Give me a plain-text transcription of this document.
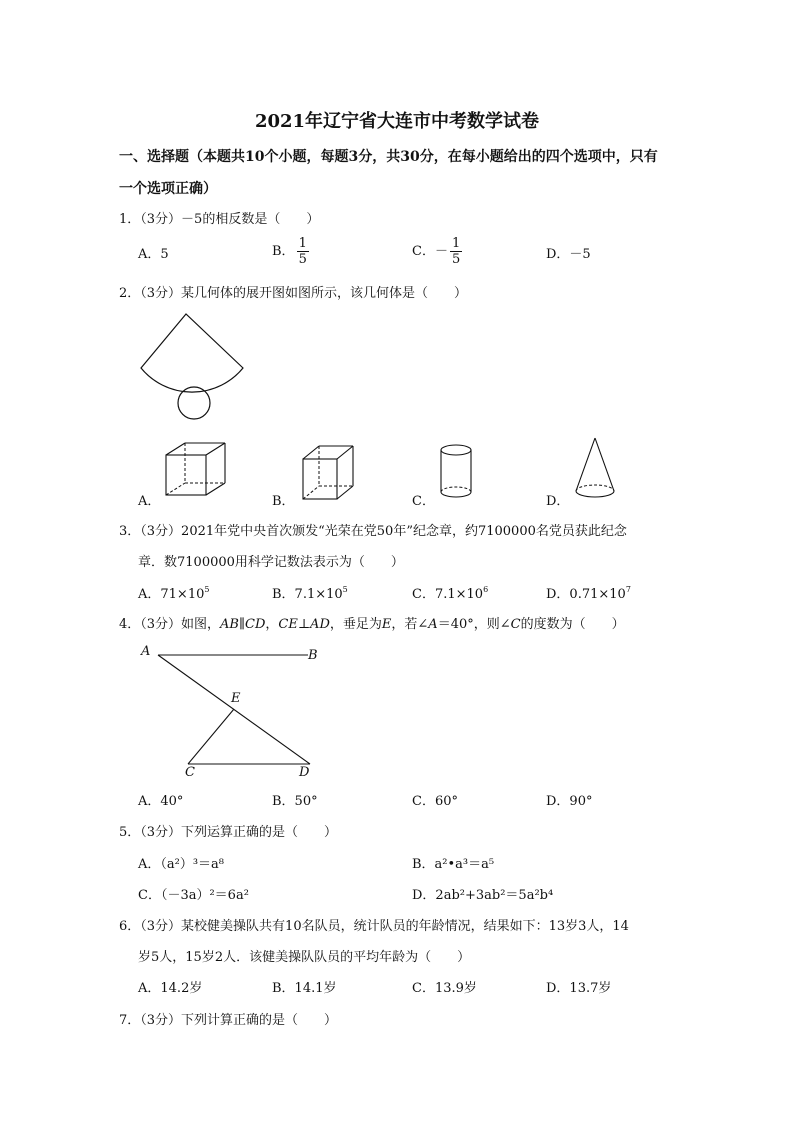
2021年辽宁省大连市中考数学试卷
一、选择题（本题共10个小题，每题3分，共30分，在每小题给出的四个选项中，只有
一个选项正确）
1．（3分）－5的相反数是（　　）
A．5	B． $\frac{1}{5}$	C．－ $\frac{1}{5}$	D．－5
2．（3分）某几何体的展开图如图所示，该几何体是（　　）
A．	B．	C．	D．
3．（3分）2021年党中央首次颁发“光荣在党50年”纪念章，约7100000名党员获此纪念
章．数7100000用科学记数法表示为（　　）
A．$71\times 10^5$	B．$7.1\times 10^5$	C．$7.1\times 10^6$	D．$0.71\times 10^7$
4．（3分）如图，AB∥CD，CE⊥AD，垂足为E，若∠A＝40°，则∠C的度数为（　　）
A	B
E
C	D
A．40°	B．50°	C．60°	D．90°
5．（3分）下列运算正确的是（　　）
A．（a²）³＝a⁸	B．a²•a³＝a⁵
C．（－3a）²＝6a²	D．2ab²+3ab²＝5a²b⁴
6．（3分）某校健美操队共有10名队员，统计队员的年龄情况，结果如下：13岁3人，14
岁5人，15岁2人．该健美操队队员的平均年龄为（　　）
A．14.2岁	B．14.1岁	C．13.9岁	D．13.7岁
7．（3分）下列计算正确的是（　　）
